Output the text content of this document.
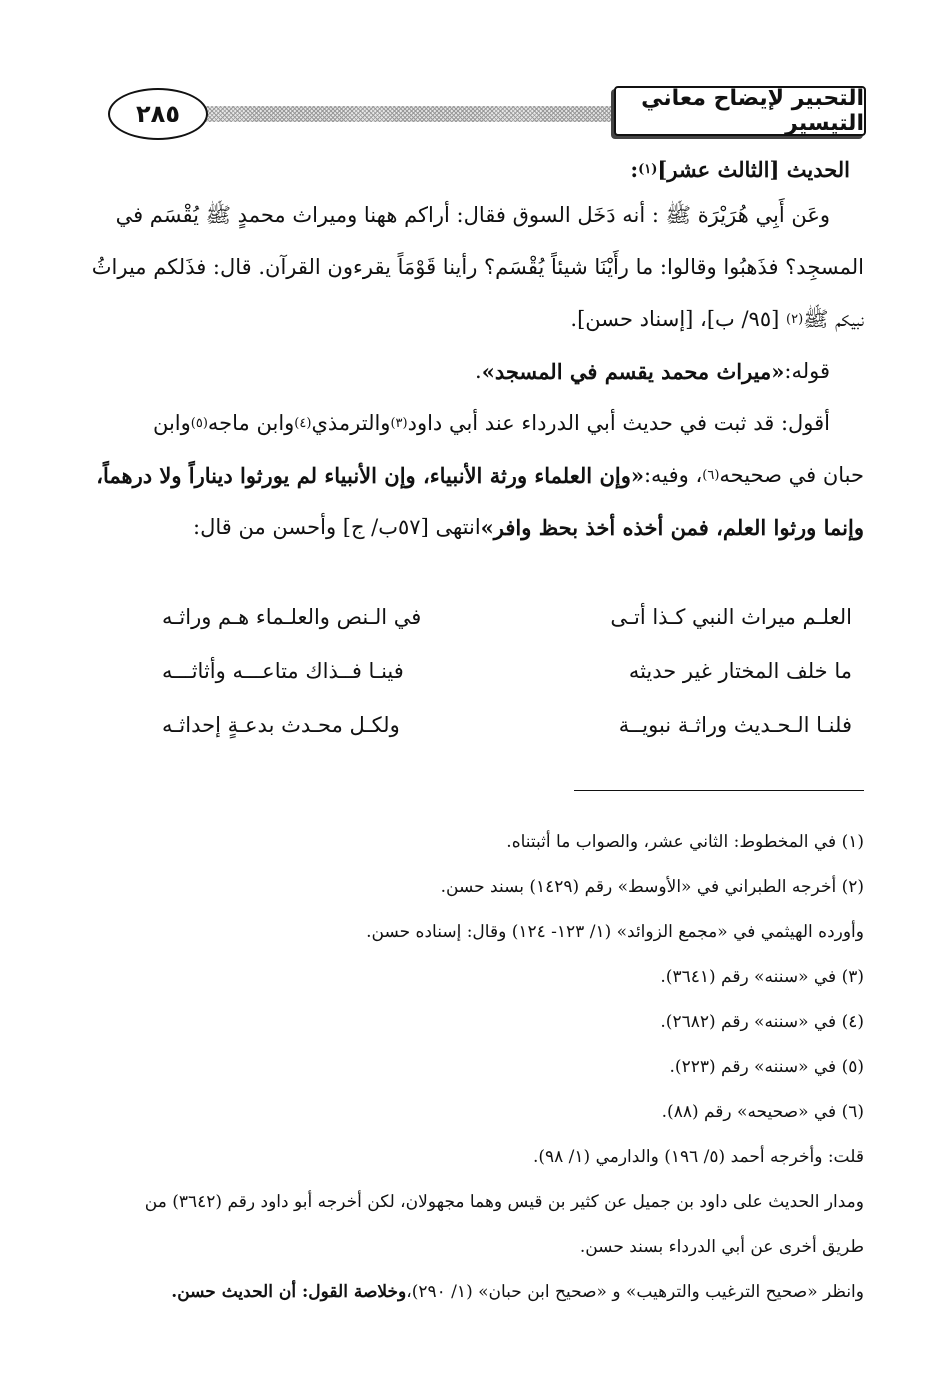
التحبير لإيضاح معاني التيسير
٢٨٥
الحديث [الثالث عشر]
(١)
:
وعَن أَبِي هُرَيْرَة ﷺ : أنه دَخَل السوق فقال: أراكم ههنا وميراث محمدٍ ﷺ يُقْسَم في
المسجِد؟ فذَهبُوا وقالوا: ما رأَيْنَا شيئاً يُقْسَم؟ رأينا قَوْمَاً يقرءون القرآن. قال: فذَلكم ميراثُ
نبيكم ﷺ
(٢)

[٩٥/ ب]، [إسناد حسن].
قوله:
«ميراث محمد يقسم في المسجد»
.
أقول: قد ثبت في حديث أبي الدرداء عند أبي داود
(٣)
والترمذي
(٤)
وابن ماجه
(٥)
وابن
حبان في صحيحه
(٦)
، وفيه:
«وإن العلماء ورثة الأنبياء، وإن الأنبياء لم يورثوا ديناراً ولا درهماً،
وإنما ورثوا العلم، فمن أخذه أخذ بحظ وافر»
انتهى [٥٧ب/ ج] وأحسن من قال:
العلـم ميراث النبي كـذا أتـى
في الـنص والعلـماء هـم وراثـه
ما خلف المختار غير حديثه
فينـا فــذاك متاعـــه وأثاثـــه
فلنـا الـحـديث وراثـة نبويــة
ولكـل محـدث بدعـةٍ إحداثـه
(١) في المخطوط: الثاني عشر، والصواب ما أثبتناه.
(٢) أخرجه الطبراني في «الأوسط» رقم (١٤٢٩) بسند حسن.
وأورده الهيثمي في «مجمع الزوائد» (١/ ١٢٣- ١٢٤) وقال: إسناده حسن.
(٣) في «سننه» رقم (٣٦٤١).
(٤) في «سننه» رقم (٢٦٨٢).
(٥) في «سننه» رقم (٢٢٣).
(٦) في «صحيحه» رقم (٨٨).
قلت: وأخرجه أحمد (٥/ ١٩٦) والدارمي (١/ ٩٨).
ومدار الحديث على داود بن جميل عن كثير بن قيس وهما مجهولان، لكن أخرجه أبو داود رقم (٣٦٤٢) من
طريق أخرى عن أبي الدرداء بسند حسن.
وانظر «صحيح الترغيب والترهيب» و «صحيح ابن حبان» (١/ ٢٩٠)،
وخلاصة القول: أن الحديث حسن.
